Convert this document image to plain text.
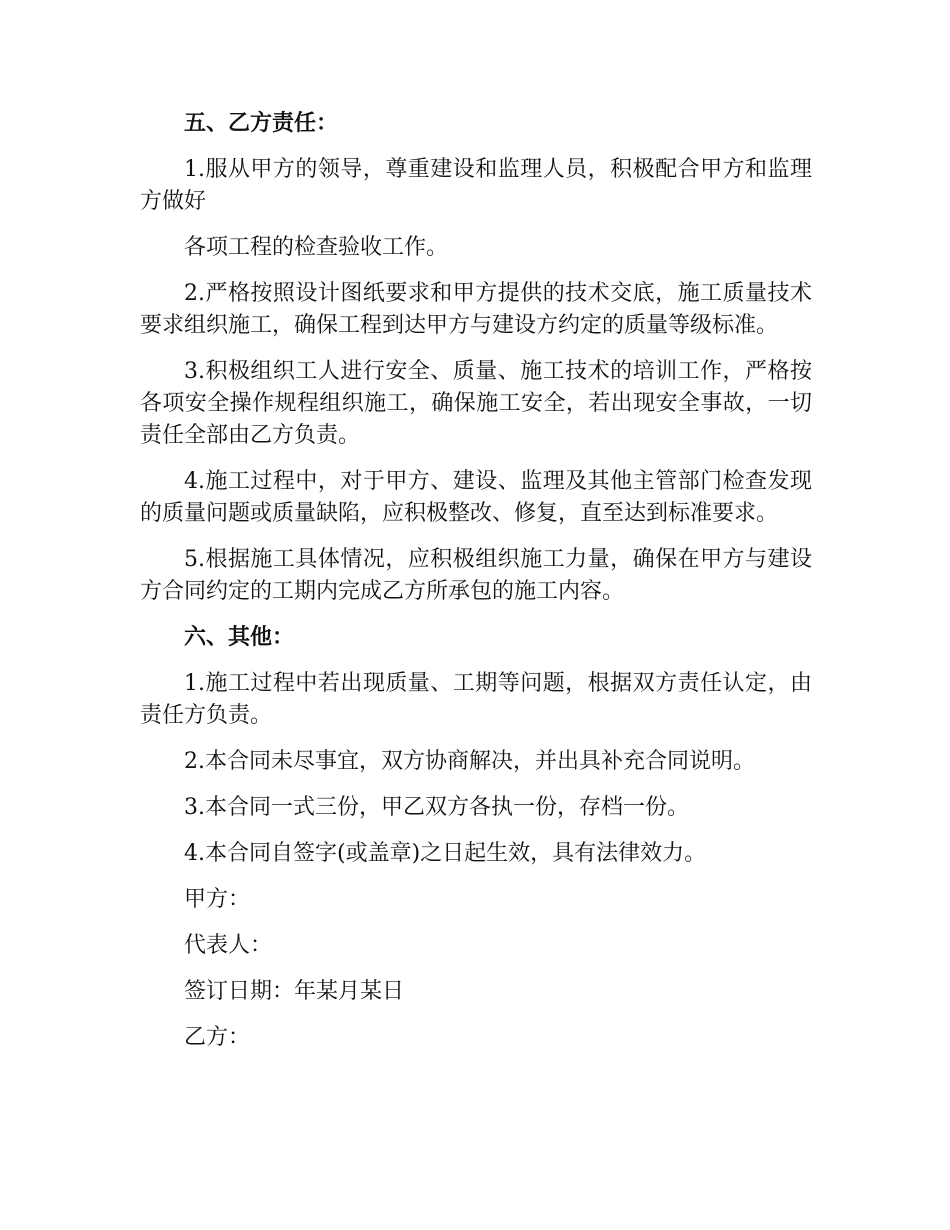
五、乙方责任：

1.服从甲方的领导，尊重建设和监理人员，积极配合甲方和监理方做好

各项工程的检查验收工作。

2.严格按照设计图纸要求和甲方提供的技术交底，施工质量技术要求组织施工，确保工程到达甲方与建设方约定的质量等级标准。

3.积极组织工人进行安全、质量、施工技术的培训工作，严格按各项安全操作规程组织施工，确保施工安全，若出现安全事故，一切责任全部由乙方负责。

4.施工过程中，对于甲方、建设、监理及其他主管部门检查发现的质量问题或质量缺陷，应积极整改、修复，直至达到标准要求。

5.根据施工具体情况，应积极组织施工力量，确保在甲方与建设方合同约定的工期内完成乙方所承包的施工内容。

六、其他：

1.施工过程中若出现质量、工期等问题，根据双方责任认定，由责任方负责。

2.本合同未尽事宜，双方协商解决，并出具补充合同说明。

3.本合同一式三份，甲乙双方各执一份，存档一份。

4.本合同自签字(或盖章)之日起生效，具有法律效力。

甲方：

代表人：

签订日期：年某月某日

乙方：
